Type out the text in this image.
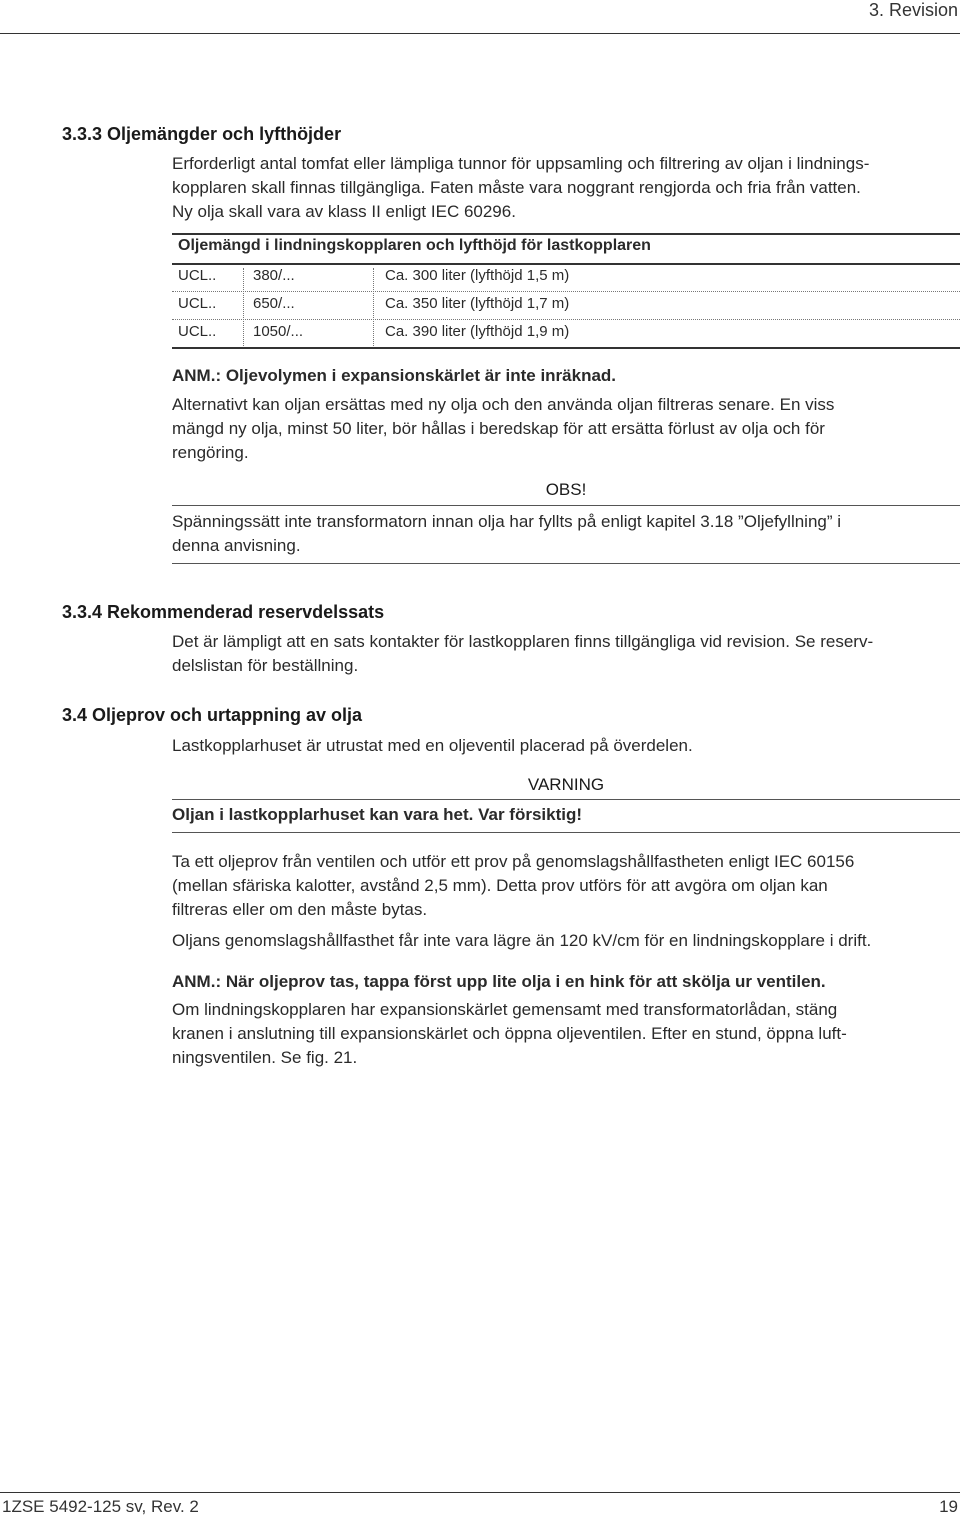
3. Revision
3.3.3 Oljemängder och lyfthöjder
Erforderligt antal tomfat eller lämpliga tunnor för uppsamling och filtrering av oljan i lindnings-
kopplaren skall finnas tillgängliga. Faten måste vara noggrant rengjorda och fria från vatten.
Ny olja skall vara av klass II enligt IEC 60296.
Oljemängd i lindningskopplaren och lyfthöjd för lastkopplaren
UCL.. 380/...	Ca. 300 liter (lyfthöjd 1,5 m)
UCL.. 650/...	Ca. 350 liter (lyfthöjd 1,7 m)
UCL.. 1050/...	Ca. 390 liter (lyfthöjd 1,9 m)
ANM.: Oljevolymen i expansionskärlet är inte inräknad.
Alternativt kan oljan ersättas med ny olja och den använda oljan filtreras senare. En viss
mängd ny olja, minst 50 liter, bör hållas i beredskap för att ersätta förlust av olja och för
rengöring.
OBS!
Spänningssätt inte transformatorn innan olja har fyllts på enligt kapitel 3.18 ”Oljefyllning” i
denna anvisning.
3.3.4 Rekommenderad reservdelssats
Det är lämpligt att en sats kontakter för lastkopplaren finns tillgängliga vid revision. Se reserv-
delslistan för beställning.
3.4 Oljeprov och urtappning av olja
Lastkopplarhuset är utrustat med en oljeventil placerad på överdelen.
VARNING
Oljan i lastkopplarhuset kan vara het. Var försiktig!
Ta ett oljeprov från ventilen och utför ett prov på genomslagshållfastheten enligt IEC 60156
(mellan sfäriska kalotter, avstånd 2,5 mm). Detta prov utförs för att avgöra om oljan kan
filtreras eller om den måste bytas.
Oljans genomslagshållfasthet får inte vara lägre än 120 kV/cm för en lindningskopplare i drift.
ANM.: När oljeprov tas, tappa först upp lite olja i en hink för att skölja ur ventilen.
Om lindningskopplaren har expansionskärlet gemensamt med transformatorlådan, stäng
kranen i anslutning till expansionskärlet och öppna oljeventilen. Efter en stund, öppna luft-
ningsventilen. Se fig. 21.
1ZSE 5492-125 sv, Rev. 2	19
